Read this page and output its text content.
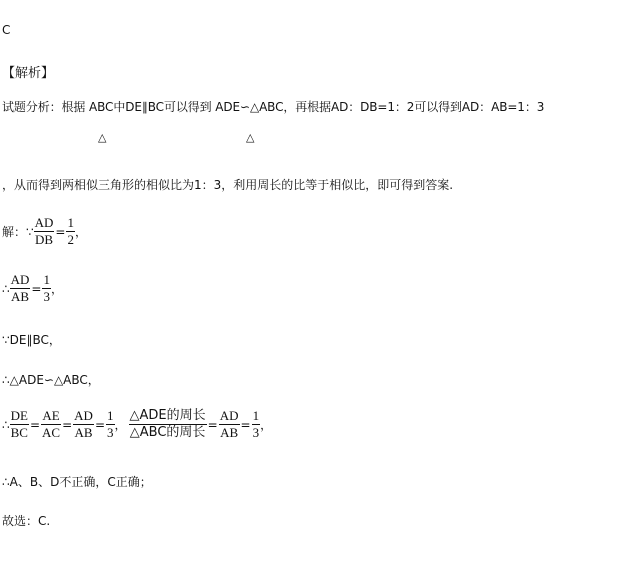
C
【解析】
试题分析：根据 ABC中DE∥BC可以得到 ADE∽△ABC，再根据AD：DB=1：2可以得到AD：AB=1：3
△	△
，从而得到两相似三角形的相似比为1：3，利用周长的比等于相似比，即可得到答案.
解：∵ $\frac{AD}{DB} = \frac{1}{2}$ ，
∴ $\frac{AD}{AB} = \frac{1}{3}$ ，
∵DE∥BC，
∴△ADE∽△ABC，
∴ $\frac{DE}{BC} = \frac{AE}{AC} = \frac{AD}{AB} = \frac{1}{3}$ ， $\frac{\text{△ADE的周长}}{\text{△ABC的周长}} = \frac{AD}{AB} = \frac{1}{3}$ ，
∴A、B、D不正确，C正确；
故选：C.
